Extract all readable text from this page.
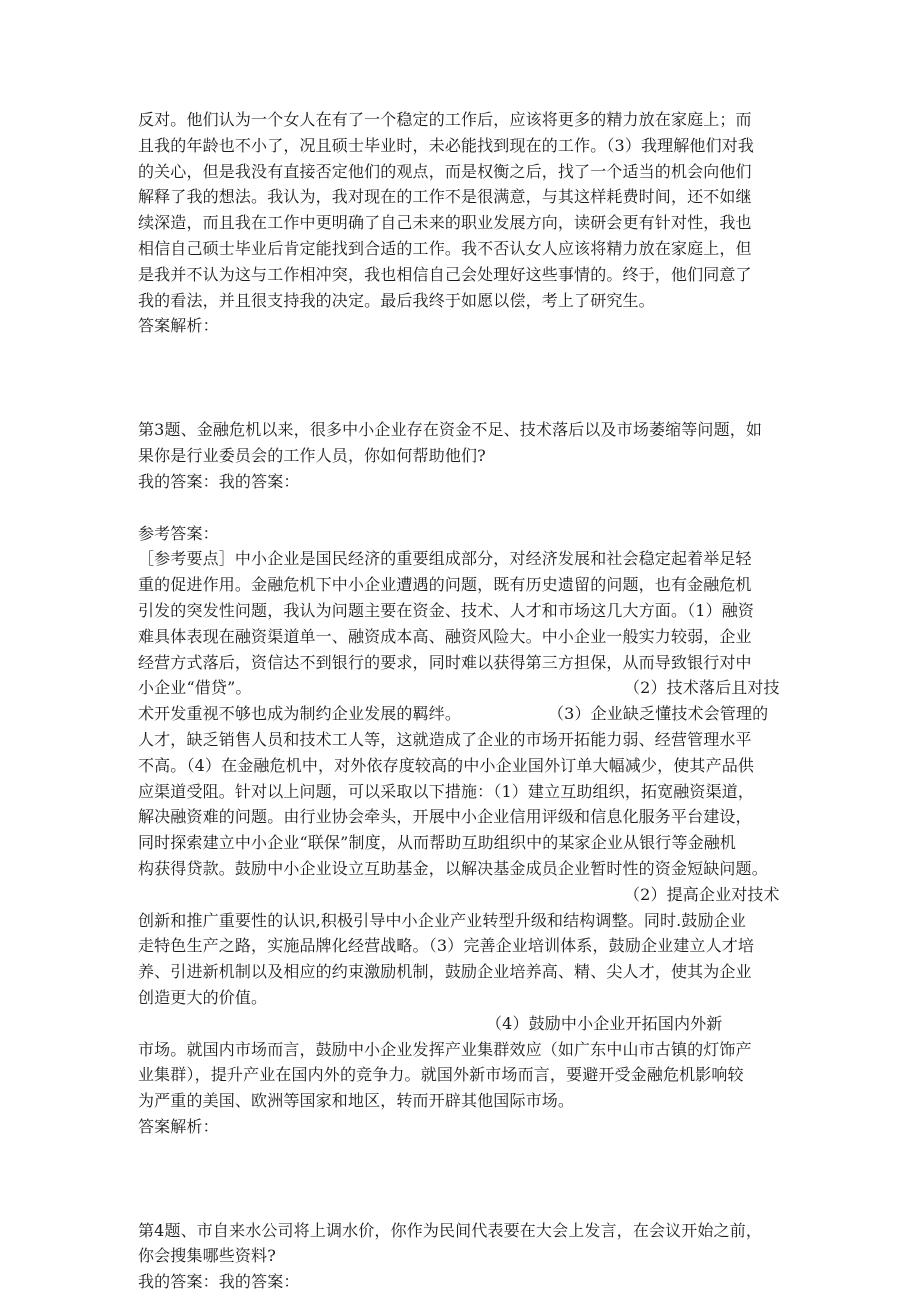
反对。他们认为一个女人在有了一个稳定的工作后，应该将更多的精力放在家庭上；而
且我的年龄也不小了，况且硕士毕业时，未必能找到现在的工作。（3）我理解他们对我
的关心，但是我没有直接否定他们的观点，而是权衡之后，找了一个适当的机会向他们
解释了我的想法。我认为，我对现在的工作不是很满意，与其这样耗费时间，还不如继
续深造，而且我在工作中更明确了自己未来的职业发展方向，读研会更有针对性，我也
相信自己硕士毕业后肯定能找到合适的工作。我不否认女人应该将精力放在家庭上，但
是我并不认为这与工作相冲突，我也相信自己会处理好这些事情的。终于，他们同意了
我的看法，并且很支持我的决定。最后我终于如愿以偿，考上了研究生。
答案解析：
第3题、金融危机以来，很多中小企业存在资金不足、技术落后以及市场萎缩等问题，如
果你是行业委员会的工作人员，你如何帮助他们?
我的答案：我的答案：
参考答案：
［参考要点］中小企业是国民经济的重要组成部分，对经济发展和社会稳定起着举足轻
重的促进作用。金融危机下中小企业遭遇的问题，既有历史遗留的问题，也有金融危机
引发的突发性问题，我认为问题主要在资金、技术、人才和市场这几大方面。（1）融资
难具体表现在融资渠道单一、融资成本高、融资风险大。中小企业一般实力较弱，企业
经营方式落后，资信达不到银行的要求，同时难以获得第三方担保，从而导致银行对中
小企业“借贷”。	（2）技术落后且对技
术开发重视不够也成为制约企业发展的羁绊。	（3）企业缺乏懂技术会管理的
人才，缺乏销售人员和技术工人等，这就造成了企业的市场开拓能力弱、经营管理水平
不高。（4）在金融危机中，对外依存度较高的中小企业国外订单大幅减少，使其产品供
应渠道受阻。针对以上问题，可以采取以下措施：（1）建立互助组织，拓宽融资渠道，
解决融资难的问题。由行业协会牵头，开展中小企业信用评级和信息化服务平台建设，
同时探索建立中小企业“联保”制度，从而帮助互助组织中的某家企业从银行等金融机
构获得贷款。鼓励中小企业设立互助基金，以解决基金成员企业暂时性的资金短缺问题。
（2）提高企业对技术
创新和推广重要性的认识,积极引导中小企业产业转型升级和结构调整。同时.鼓励企业
走特色生产之路，实施品牌化经营战略。（3）完善企业培训体系，鼓励企业建立人才培
养、引进新机制以及相应的约束激励机制，鼓励企业培养高、精、尖人才，使其为企业
创造更大的价值。
（4）鼓励中小企业开拓国内外新
市场。就国内市场而言，鼓励中小企业发挥产业集群效应（如广东中山市古镇的灯饰产
业集群），提升产业在国内外的竞争力。就国外新市场而言，要避开受金融危机影响较
为严重的美国、欧洲等国家和地区，转而开辟其他国际市场。
答案解析：
第4题、市自来水公司将上调水价，你作为民间代表要在大会上发言，在会议开始之前，
你会搜集哪些资料?
我的答案：我的答案：
